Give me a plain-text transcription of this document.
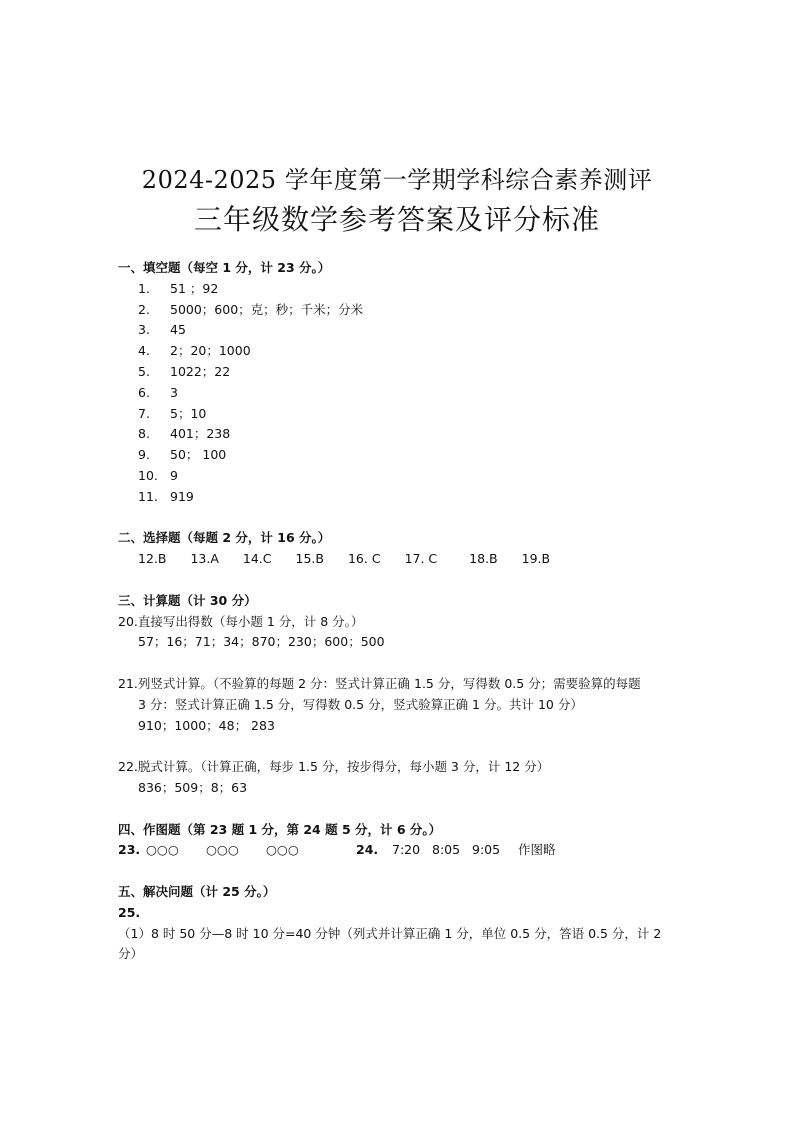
2024-2025 学年度第一学期学科综合素养测评
三年级数学参考答案及评分标准
一、填空题（每空 1 分，计 23 分。）
1.	51 ；92
2.	5000；600；克；秒；千米；分米
3.	45
4.	2；20；1000
5.	1022；22
6.	3
7.	5；10
8.	401；238
9.	50； 100
10. 9
11. 919
二、选择题（每题 2 分，计 16 分。）
12.B 13.A 14.C 15.B 16. C 17. C	18.B 19.B
三、计算题（计 30 分）
20.直接写出得数（每小题 1 分，计 8 分。）
57；16；71；34；870；230；600；500
21.列竖式计算。（不验算的每题 2 分：竖式计算正确 1.5 分，写得数 0.5 分；需要验算的每题
3 分：竖式计算正确 1.5 分，写得数 0.5 分，竖式验算正确 1 分。共计 10 分）
910；1000；48； 283
22.脱式计算。（计算正确，每步 1.5 分，按步得分，每小题 3 分，计 12 分）
836；509；8；63
四、作图题（第 23 题 1 分，第 24 题 5 分，计 6 分。）
23. ○○○	○○○	○○○	24.	7:20 8:05 9:05	作图略
五、解决问题（计 25 分。）
25.
（1）8 时 50 分—8 时 10 分=40 分钟（列式并计算正确 1 分，单位 0.5 分，答语 0.5 分，计 2
分）
